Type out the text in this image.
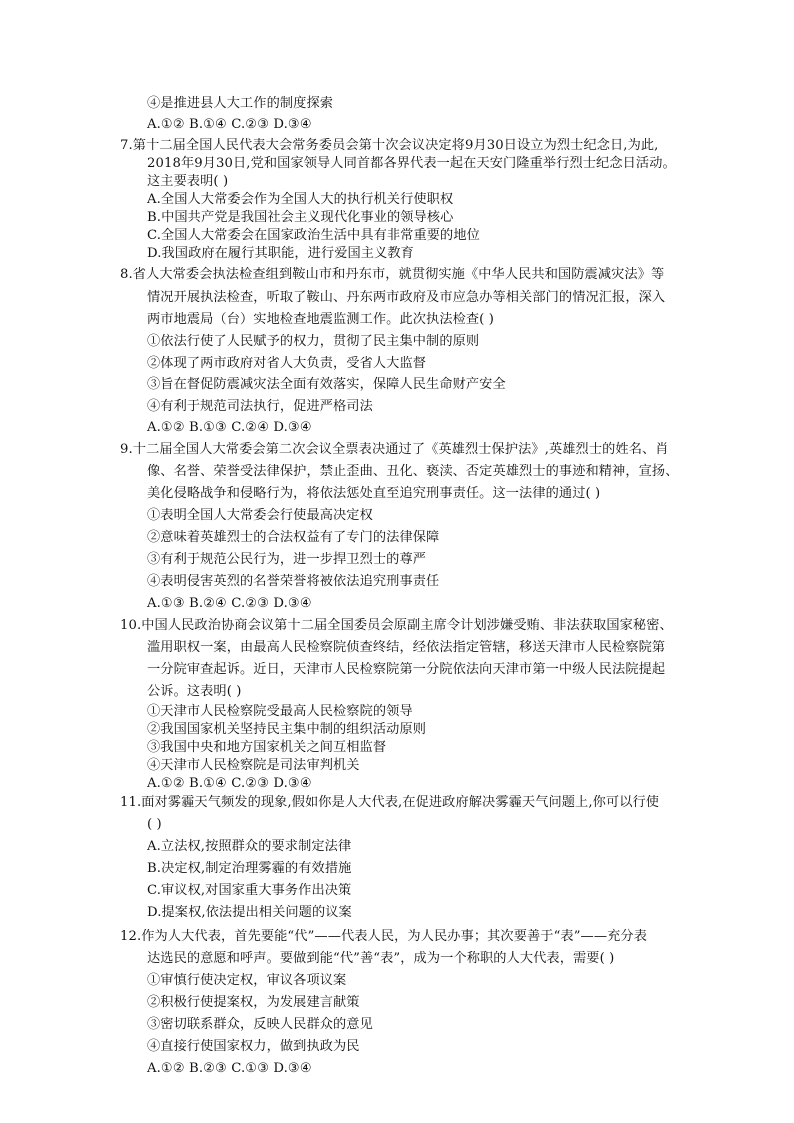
④是推进县人大工作的制度探索
A.①② B.①④ C.②③ D.③④
7.第十二届全国人民代表大会常务委员会第十次会议决定将9月30日设立为烈士纪念日,为此,
2018年9月30日,党和国家领导人同首都各界代表一起在天安门隆重举行烈士纪念日活动。
这主要表明( )
A.全国人大常委会作为全国人大的执行机关行使职权
B.中国共产党是我国社会主义现代化事业的领导核心
C.全国人大常委会在国家政治生活中具有非常重要的地位
D.我国政府在履行其职能，进行爱国主义教育
8.省人大常委会执法检查组到鞍山市和丹东市，就贯彻实施《中华人民共和国防震减灾法》等
情况开展执法检查，听取了鞍山、丹东两市政府及市应急办等相关部门的情况汇报，深入
两市地震局（台）实地检查地震监测工作。此次执法检查( )
①依法行使了人民赋予的权力，贯彻了民主集中制的原则
②体现了两市政府对省人大负责，受省人大监督
③旨在督促防震减灾法全面有效落实，保障人民生命财产安全
④有利于规范司法执行，促进严格司法
A.①② B.①③ C.②④ D.③④
9.十二届全国人大常委会第二次会议全票表决通过了《英雄烈士保护法》,英雄烈士的姓名、肖
像、名誉、荣誉受法律保护，禁止歪曲、丑化、亵渎、否定英雄烈士的事迹和精神，宣扬、
美化侵略战争和侵略行为，将依法惩处直至追究刑事责任。这一法律的通过( )
①表明全国人大常委会行使最高决定权
②意味着英雄烈士的合法权益有了专门的法律保障
③有利于规范公民行为，进一步捍卫烈士的尊严
④表明侵害英烈的名誉荣誉将被依法追究刑事责任
A.①③ B.②④ C.②③ D.③④
10.中国人民政治协商会议第十二届全国委员会原副主席令计划涉嫌受贿、非法获取国家秘密、
滥用职权一案，由最高人民检察院侦查终结，经依法指定管辖，移送天津市人民检察院第
一分院审查起诉。近日，天津市人民检察院第一分院依法向天津市第一中级人民法院提起
公诉。这表明( )
①天津市人民检察院受最高人民检察院的领导
②我国国家机关坚持民主集中制的组织活动原则
③我国中央和地方国家机关之间互相监督
④天津市人民检察院是司法审判机关
A.①② B.①④ C.②③ D.③④
11.面对雾霾天气频发的现象,假如你是人大代表,在促进政府解决雾霾天气问题上,你可以行使
( )
A.立法权,按照群众的要求制定法律
B.决定权,制定治理雾霾的有效措施
C.审议权,对国家重大事务作出决策
D.提案权,依法提出相关问题的议案
12.作为人大代表，首先要能“代”——代表人民，为人民办事；其次要善于“表”——充分表
达选民的意愿和呼声。要做到能“代”善“表”，成为一个称职的人大代表，需要( )
①审慎行使决定权，审议各项议案
②积极行使提案权，为发展建言献策
③密切联系群众，反映人民群众的意见
④直接行使国家权力，做到执政为民
A.①② B.②③ C.①③ D.③④
